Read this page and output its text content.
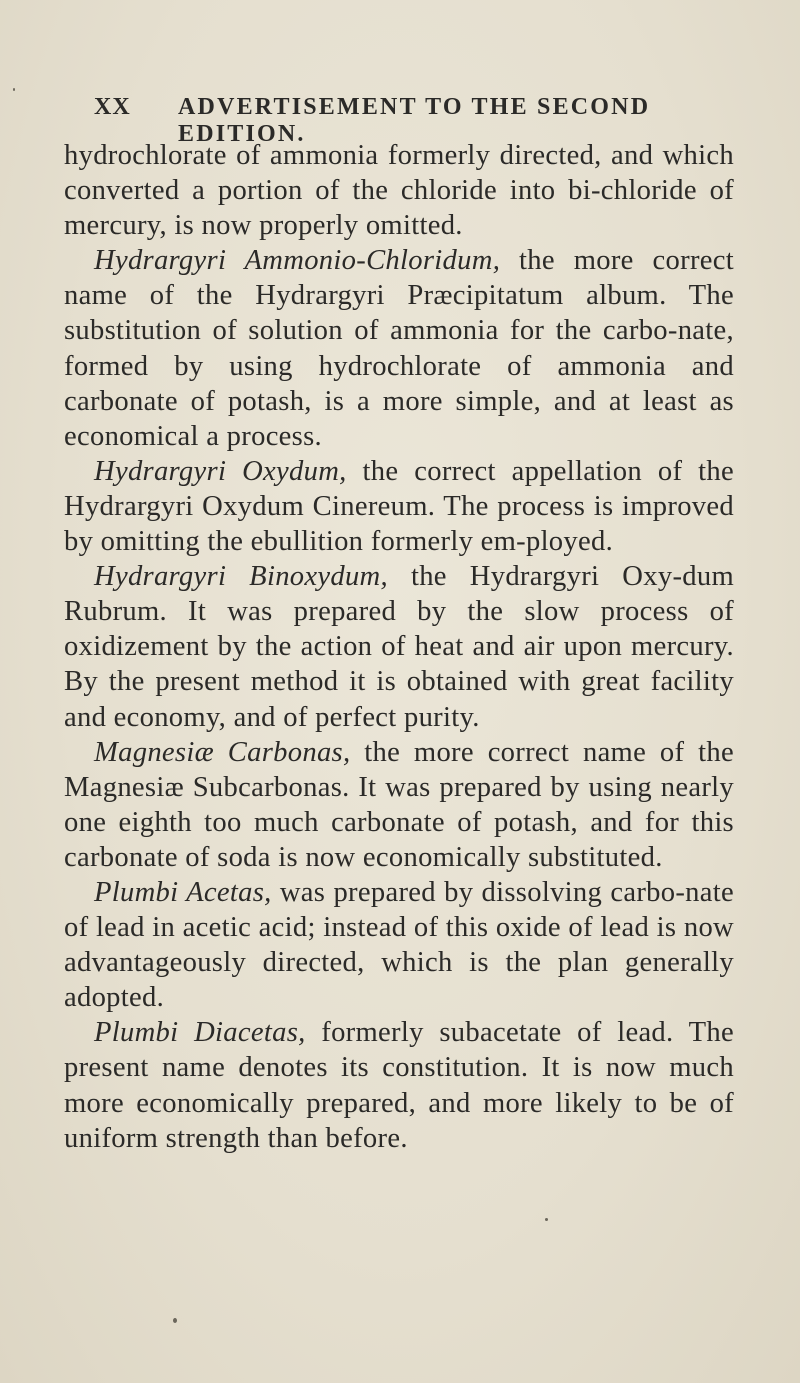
XX ADVERTISEMENT TO THE SECOND EDITION.

hydrochlorate of ammonia formerly directed, and which converted a portion of the chloride into bi-chloride of mercury, is now properly omitted.

Hydrargyri Ammonio-Chloridum, the more correct name of the Hydrargyri Præcipitatum album. The substitution of solution of ammonia for the carbo-nate, formed by using hydrochlorate of ammonia and carbonate of potash, is a more simple, and at least as economical a process.

Hydrargyri Oxydum, the correct appellation of the Hydrargyri Oxydum Cinereum. The process is improved by omitting the ebullition formerly em-ployed.

Hydrargyri Binoxydum, the Hydrargyri Oxy-dum Rubrum. It was prepared by the slow process of oxidizement by the action of heat and air upon mercury. By the present method it is obtained with great facility and economy, and of perfect purity.

Magnesiæ Carbonas, the more correct name of the Magnesiæ Subcarbonas. It was prepared by using nearly one eighth too much carbonate of potash, and for this carbonate of soda is now economically substituted.

Plumbi Acetas, was prepared by dissolving carbo-nate of lead in acetic acid; instead of this oxide of lead is now advantageously directed, which is the plan generally adopted.

Plumbi Diacetas, formerly subacetate of lead. The present name denotes its constitution. It is now much more economically prepared, and more likely to be of uniform strength than before.
